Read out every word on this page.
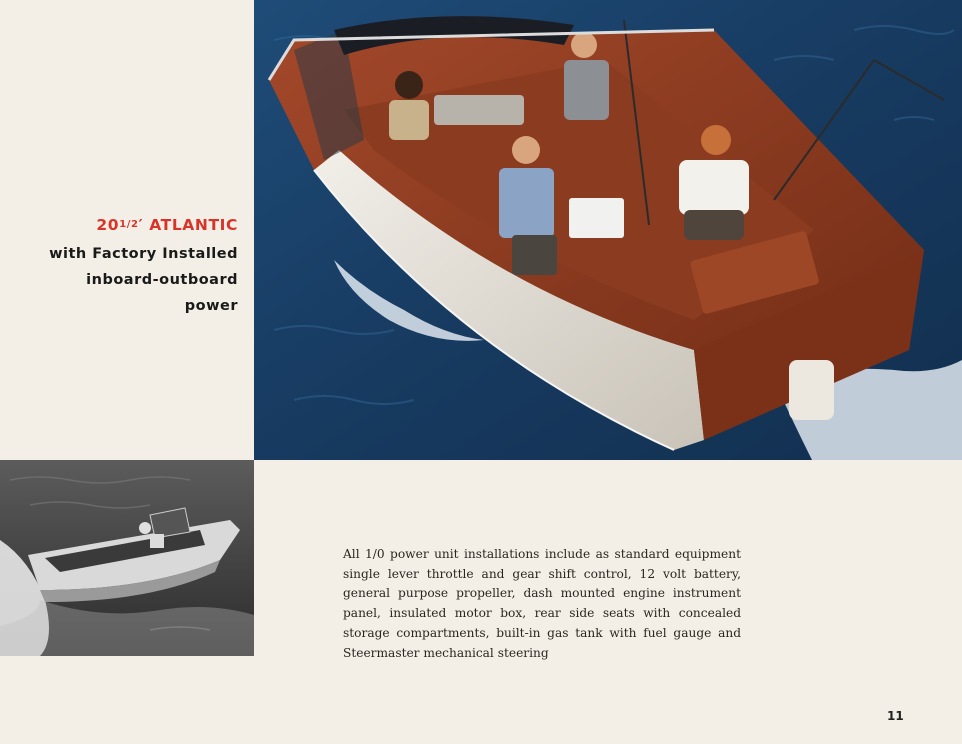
201/2′ ATLANTIC
with Factory Installed
inboard-outboard
power
All 1/0 power unit installations include as standard equipment single lever throttle and gear shift control, 12 volt battery, general purpose propeller, dash mounted engine instrument panel, insulated motor box, rear side seats with concealed storage compartments, built-in gas tank with fuel gauge and Steermaster mechanical steering
11
